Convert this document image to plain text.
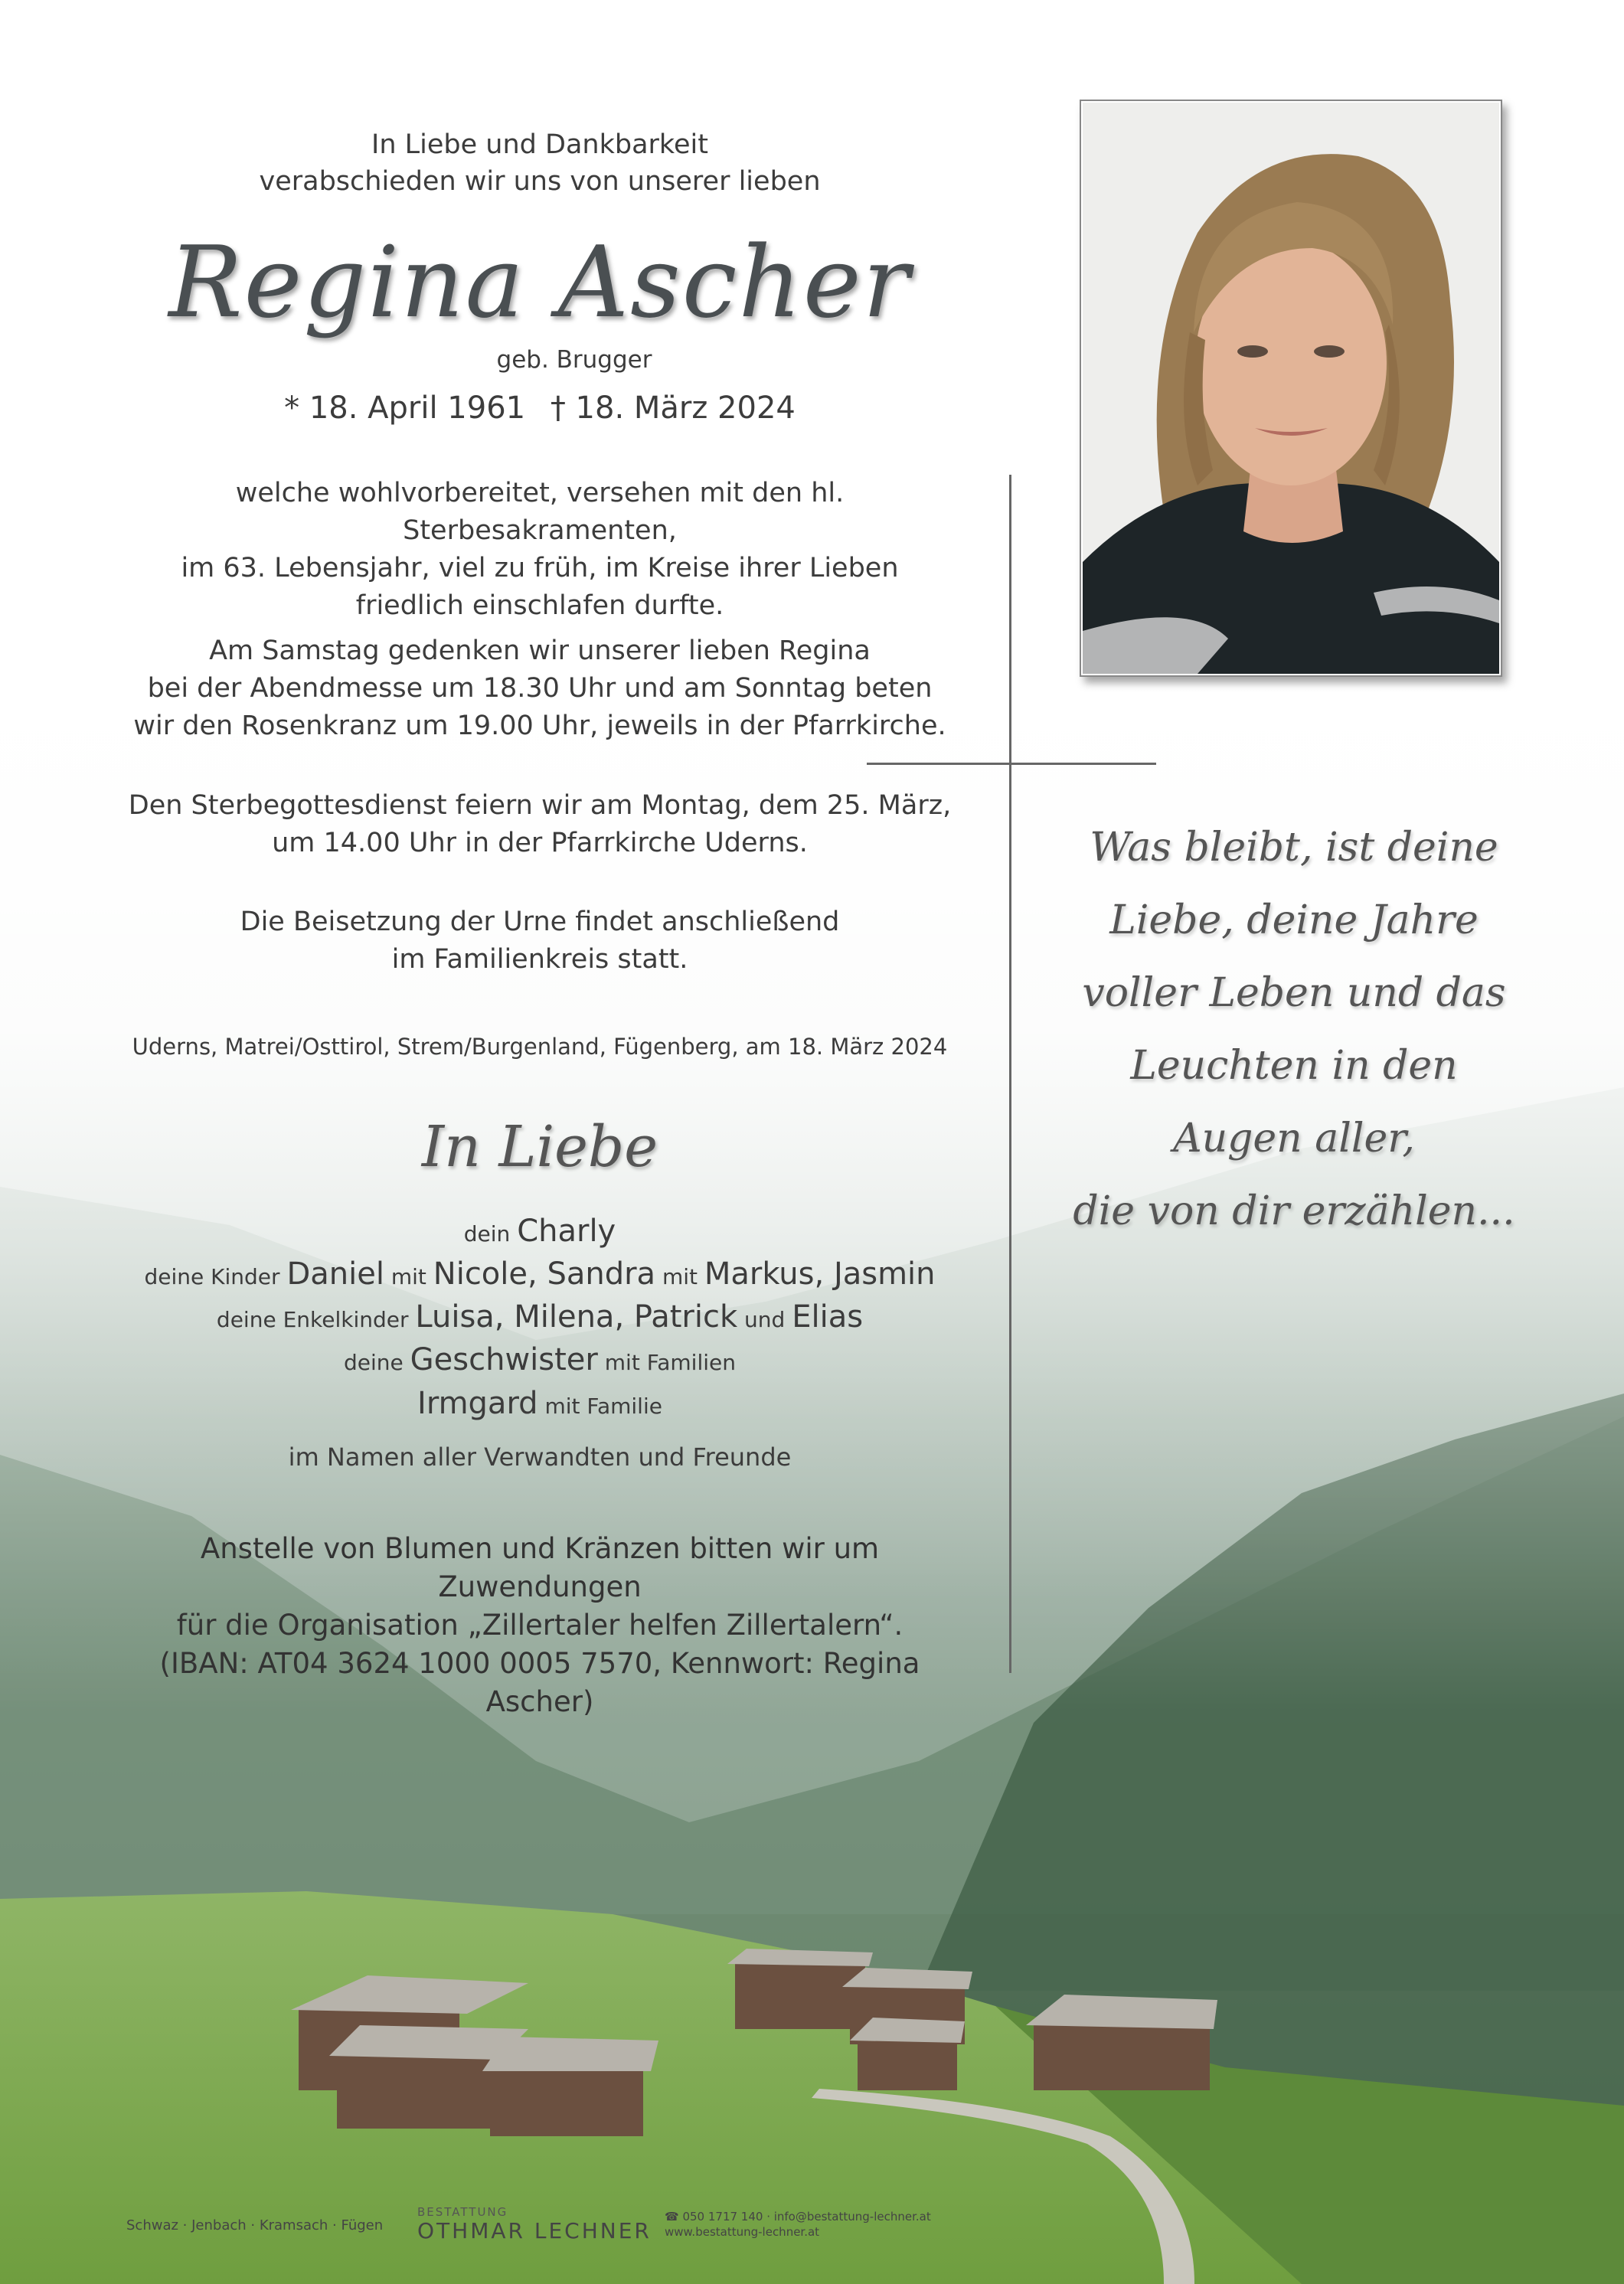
In Liebe und Dankbarkeit
verabschieden wir uns von unserer lieben
Regina Ascher
geb. Brugger
* 18. April 1961 † 18. März 2024
welche wohlvorbereitet, versehen mit den hl. Sterbesakramenten,
im 63. Lebensjahr, viel zu früh, im Kreise ihrer Lieben
friedlich einschlafen durfte.
Am Samstag gedenken wir unserer lieben Regina
bei der Abendmesse um 18.30 Uhr und am Sonntag beten
wir den Rosenkranz um 19.00 Uhr, jeweils in der Pfarrkirche.
Den Sterbegottesdienst feiern wir am Montag, dem 25. März,
um 14.00 Uhr in der Pfarrkirche Uderns.
Die Beisetzung der Urne findet anschließend
im Familienkreis statt.
Uderns, Matrei/Osttirol, Strem/Burgenland, Fügenberg, am 18. März 2024
In Liebe
dein Charly
deine Kinder Daniel mit Nicole, Sandra mit Markus, Jasmin
deine Enkelkinder Luisa, Milena, Patrick und Elias
deine Geschwister mit Familien
Irmgard mit Familie
im Namen aller Verwandten und Freunde
Anstelle von Blumen und Kränzen bitten wir um Zuwendungen
für die Organisation „Zillertaler helfen Zillertalern“.
(IBAN: AT04 3624 1000 0005 7570, Kennwort: Regina Ascher)
Was bleibt, ist deine
Liebe, deine Jahre
voller Leben und das
Leuchten in den
Augen aller,
die von dir erzählen...
Schwaz · Jenbach · Kramsach · Fügen
BESTATTUNG
OTHMAR LECHNER
☎ 050 1717 140 · info@bestattung-lechner.at
www.bestattung-lechner.at
